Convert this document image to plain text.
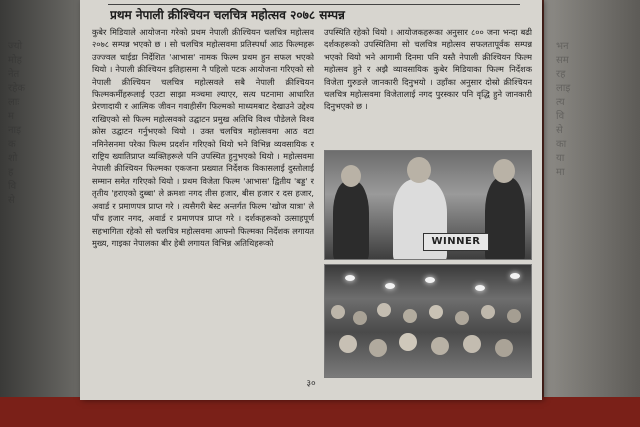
ज्यो
मोह
नेत
रहेक
लाः
म
नाइ
क
शो
ह
वि
से
भन
सम
रह
लाइ
त्य
वि
से
का
या
मा
प्रथम नेपाली क्रीश्चियन चलचित्र महोत्सव २०७८ सम्पन्न
कुबेर मिडियाले आयोजना गरेको प्रथम नेपाली क्रीश्चियन चलचित्र महोत्सव २०७८ सम्पन्न भएको छ । सो चलचित्र महोत्सवमा प्रतिस्पर्धा आठ फिल्महरू उज्ज्वल चाईडा निर्देशित 'आभास' नामक फिल्म प्रथम हुन सफल भएको थियो । नेपाली क्रीश्चियन इतिहासमा नै पहिलो पटक आयोजना गरिएको सो नेपाली क्रीश्चियन चलचित्र महोत्सवले सबै नेपाली क्रीश्चियन फिल्मकर्मीहरूलाई एउटा साझा मञ्चमा ल्याएर, सत्य घटनामा आधारित प्रेरणादायी र आत्मिक जीवन गवाहीसँग फिल्मको माध्यमबाट देखाउने उद्देश्य राखिएको सो फिल्म महोत्सवको उद्घाटन प्रमुख अतिथि विश्व पौडेलले विश्व क्रोस उद्घाटन गर्नुभएको थियो । उक्त चलचित्र महोत्सवमा आठ वटा नमिनेसनमा परेका फिल्म प्रदर्शन गरिएको थियो भने विभिन्न व्यवसायिक र राष्ट्रिय ख्यातिप्राप्त व्यक्तिहरूले पनि उपस्थित हुनुभएको थियो । महोत्सवमा नेपाली क्रीश्चियन फिल्मका एकजना प्रख्यात निर्देशक विकासलाई दुस्तोलाई सम्मान समेत गरिएको थियो । प्रथम विजेता फिल्म 'आभास' द्वितीय 'बड्ड' र तृतीय 'हराएको दुब्बा' ले क्रमशः नगद तीस हजार, बीस हजार र दस हजार, अवार्ड र प्रमाणपत्र प्राप्त गरे । त्यसैगरी बेस्ट अन्तर्गत फिल्म 'खोज यात्रा' ले पाँच हजार नगद, अवार्ड र प्रमाणपत्र प्राप्त गरे । दर्शकहरूको उत्साहपूर्ण सहभागिता रहेको सो चलचित्र महोत्सवमा आफ्नो फिल्मका निर्देशक लगायत मुख्य, गाइका नेपालका बीर हेबी लगायत विभिन्न अतिथिहरूको
उपस्थिति रहेको थियो । आयोजकहरूका अनुसार ८०० जना भन्दा बढी दर्शकहरूको उपस्थितिमा सो चलचित्र महोत्सव सफलतापूर्वक सम्पन्न भएको थियो भने आगामी दिनमा पनि यस्तै नेपाली क्रीश्चियन फिल्म महोत्सव हुने र अझै व्यावसायिक कुबेर मिडियाका फिल्म निर्देशक विजेता गुरुङले जानकारी दिनुभयो । उहाँका अनुसार दोस्रो क्रीश्चियन चलचित्र महोत्सवमा विजेतालाई नगद पुरस्कार पनि वृद्धि हुने जानकारी दिनुभएको छ ।
WINNER
३०
